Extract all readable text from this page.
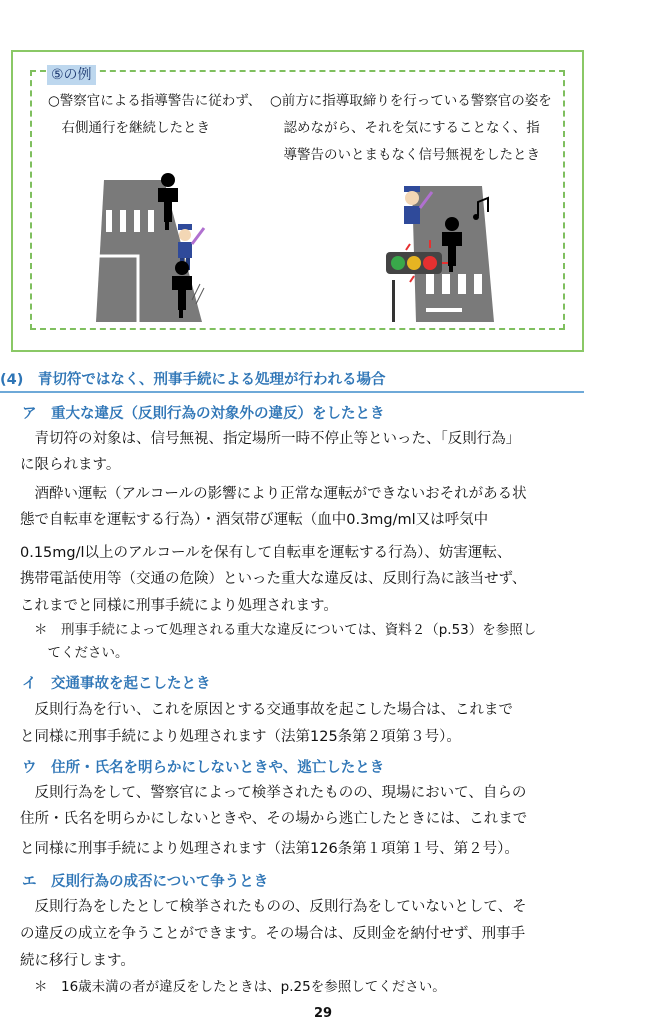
⑤の例
○警察官による指導警告に従わず、
　右側通行を継続したとき
○前方に指導取締りを行っている警察官の姿を
　認めながら、それを気にすることなく、指
　導警告のいとまもなく信号無視をしたとき
(4)　青切符ではなく、刑事手続による処理が行われる場合
ア　重大な違反（反則行為の対象外の違反）をしたとき
　青切符の対象は、信号無視、指定場所一時不停止等といった、「反則行為」
に限られます。
　酒酔い運転（アルコールの影響により正常な運転ができないおそれがある状
態で自転車を運転する行為）・酒気帯び運転（血中0.3mg/ml又は呼気中
0.15mg/l以上のアルコールを保有して自転車を運転する行為）、妨害運転、
携帯電話使用等（交通の危険）といった重大な違反は、反則行為に該当せず、
これまでと同様に刑事手続により処理されます。
＊　刑事手続によって処理される重大な違反については、資料２（p.53）を参照し
　てください。
イ　交通事故を起こしたとき
　反則行為を行い、これを原因とする交通事故を起こした場合は、これまで
と同様に刑事手続により処理されます（法第125条第２項第３号）。
ウ　住所・氏名を明らかにしないときや、逃亡したとき
　反則行為をして、警察官によって検挙されたものの、現場において、自らの
住所・氏名を明らかにしないときや、その場から逃亡したときには、これまで
と同様に刑事手続により処理されます（法第126条第１項第１号、第２号）。
エ　反則行為の成否について争うとき
　反則行為をしたとして検挙されたものの、反則行為をしていないとして、そ
の違反の成立を争うことができます。その場合は、反則金を納付せず、刑事手
続に移行します。
＊　16歳未満の者が違反をしたときは、p.25を参照してください。
29
